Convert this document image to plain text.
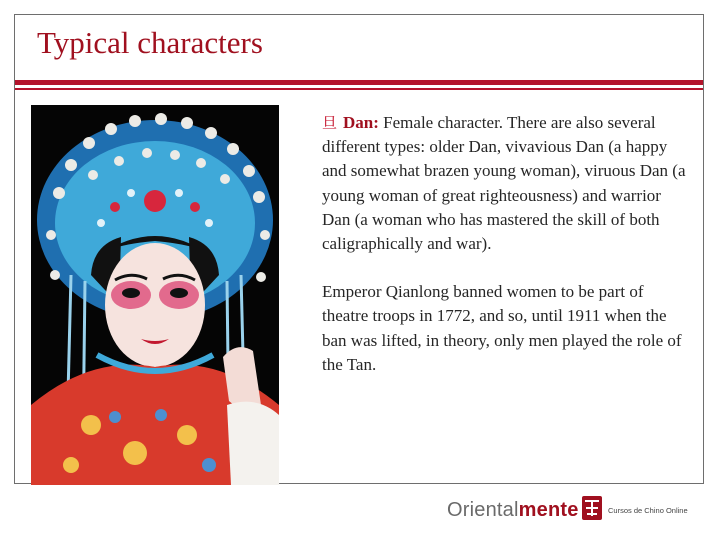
Typical characters

旦 Dan: Female character. There are also several different types: older Dan, vivavious Dan (a happy and somewhat brazen young woman), viruous Dan (a young woman of great righteousness) and warrior Dan (a woman who has mastered the skill of both caligraphically and war).

Emperor Qianlong banned women to be part of theatre troops in 1772, and so, until 1911 when the ban was lifted, in theory, only men played the role of the Tan.

Orientalmente	Cursos de Chino Online
